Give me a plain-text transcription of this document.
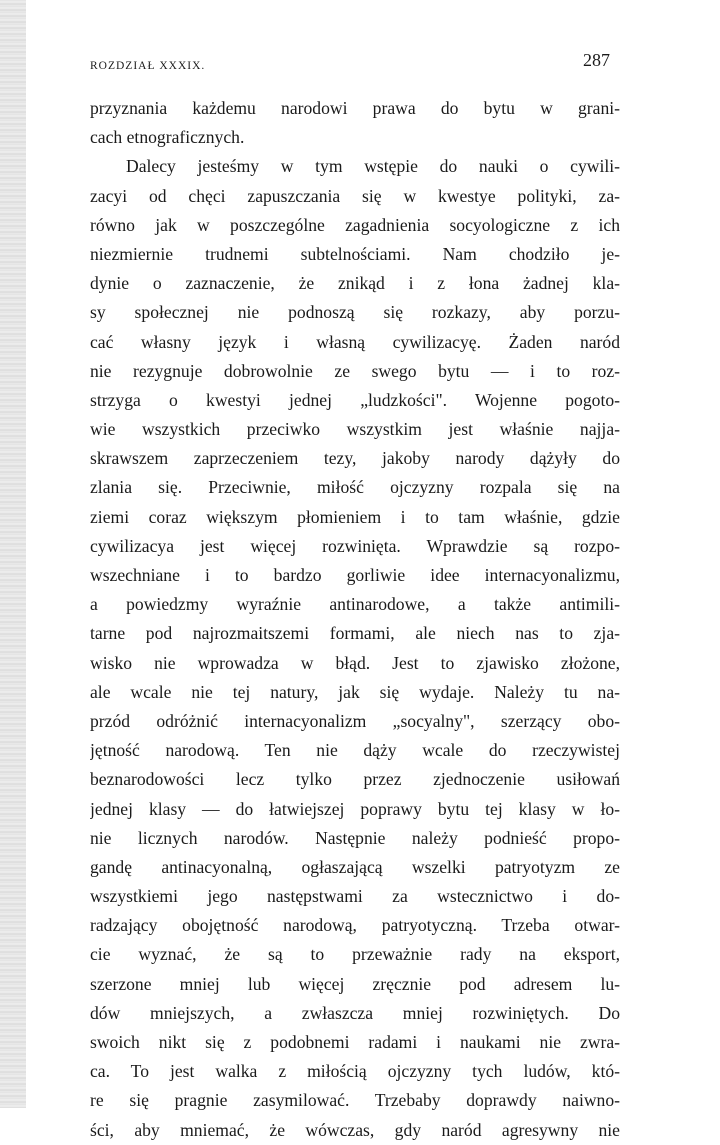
ROZDZIAŁ XXXIX.	287
przyznania każdemu narodowi prawa do bytu w grani-
cach etnograficznych.
Dalecy jesteśmy w tym wstępie do nauki o cywili-
zacyi od chęci zapuszczania się w kwestye polityki, za-
równo jak w poszczególne zagadnienia socyologiczne z ich
niezmiernie trudnemi subtelnościami. Nam chodziło je-
dynie o zaznaczenie, że znikąd i z łona żadnej kla-
sy społecznej nie podnoszą się rozkazy, aby porzu-
cać własny język i własną cywilizacyę. Żaden naród
nie rezygnuje dobrowolnie ze swego bytu — i to roz-
strzyga o kwestyi jednej „ludzkości". Wojenne pogoto-
wie wszystkich przeciwko wszystkim jest właśnie najja-
skrawszem zaprzeczeniem tezy, jakoby narody dążyły do
zlania się. Przeciwnie, miłość ojczyzny rozpala się na
ziemi coraz większym płomieniem i to tam właśnie, gdzie
cywilizacya jest więcej rozwinięta. Wprawdzie są rozpo-
wszechniane i to bardzo gorliwie idee internacyonalizmu,
a powiedzmy wyraźnie antinarodowe, a także antimili-
tarne pod najrozmaitszemi formami, ale niech nas to zja-
wisko nie wprowadza w błąd. Jest to zjawisko złożone,
ale wcale nie tej natury, jak się wydaje. Należy tu na-
przód odróżnić internacyonalizm „socyalny", szerzący obo-
jętność narodową. Ten nie dąży wcale do rzeczywistej
beznarodowości lecz tylko przez zjednoczenie usiłowań
jednej klasy — do łatwiejszej poprawy bytu tej klasy w ło-
nie licznych narodów. Następnie należy podnieść propo-
gandę antinacyonalną, ogłaszającą wszelki patryotyzm ze
wszystkiemi jego następstwami za wstecznictwo i do-
radzający obojętność narodową, patryotyczną. Trzeba otwar-
cie wyznać, że są to przeważnie rady na eksport,
szerzone mniej lub więcej zręcznie pod adresem lu-
dów mniejszych, a zwłaszcza mniej rozwiniętych. Do
swoich nikt się z podobnemi radami i naukami nie zwra-
ca. To jest walka z miłością ojczyzny tych ludów, któ-
re się pragnie zasymilować. Trzebaby doprawdy naiwno-
ści, aby mniemać, że wówczas, gdy naród agresywny nie
